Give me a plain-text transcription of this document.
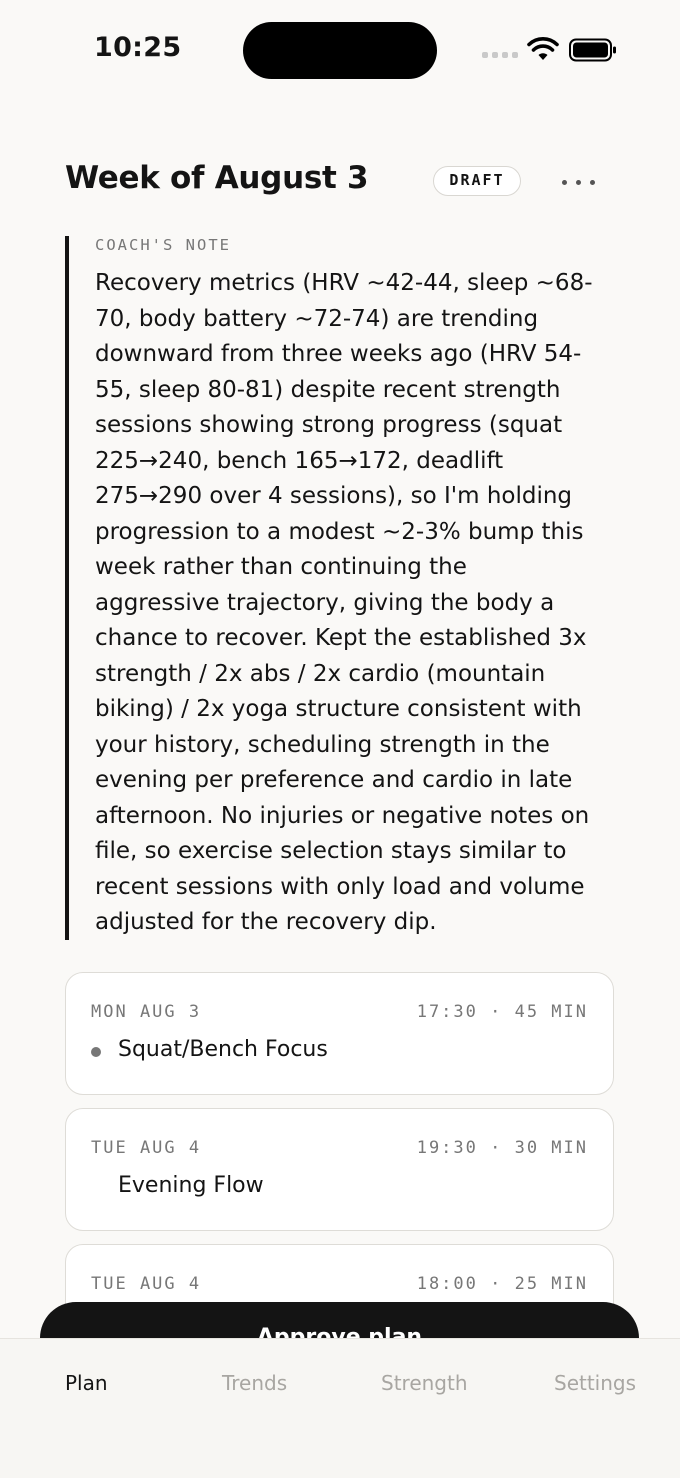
10:25
Week of August 3	DRAFT
COACH'S NOTE

Recovery metrics (HRV ~42-44, sleep ~68-70, body battery ~72-74) are trending downward from three weeks ago (HRV 54-55, sleep 80-81) despite recent strength sessions showing strong progress (squat 225→240, bench 165→172, deadlift 275→290 over 4 sessions), so I'm holding progression to a modest ~2-3% bump this week rather than continuing the aggressive trajectory, giving the body a chance to recover. Kept the established 3x strength / 2x abs / 2x cardio (mountain biking) / 2x yoga structure consistent with your history, scheduling strength in the evening per preference and cardio in late afternoon. No injuries or negative notes on file, so exercise selection stays similar to recent sessions with only load and volume adjusted for the recovery dip.

MON AUG 3	17:30 · 45 MIN
Squat/Bench Focus
TUE AUG 4	19:30 · 30 MIN
Evening Flow
TUE AUG 4	18:00 · 25 MIN
Plan	Trends	Strength	Settings
